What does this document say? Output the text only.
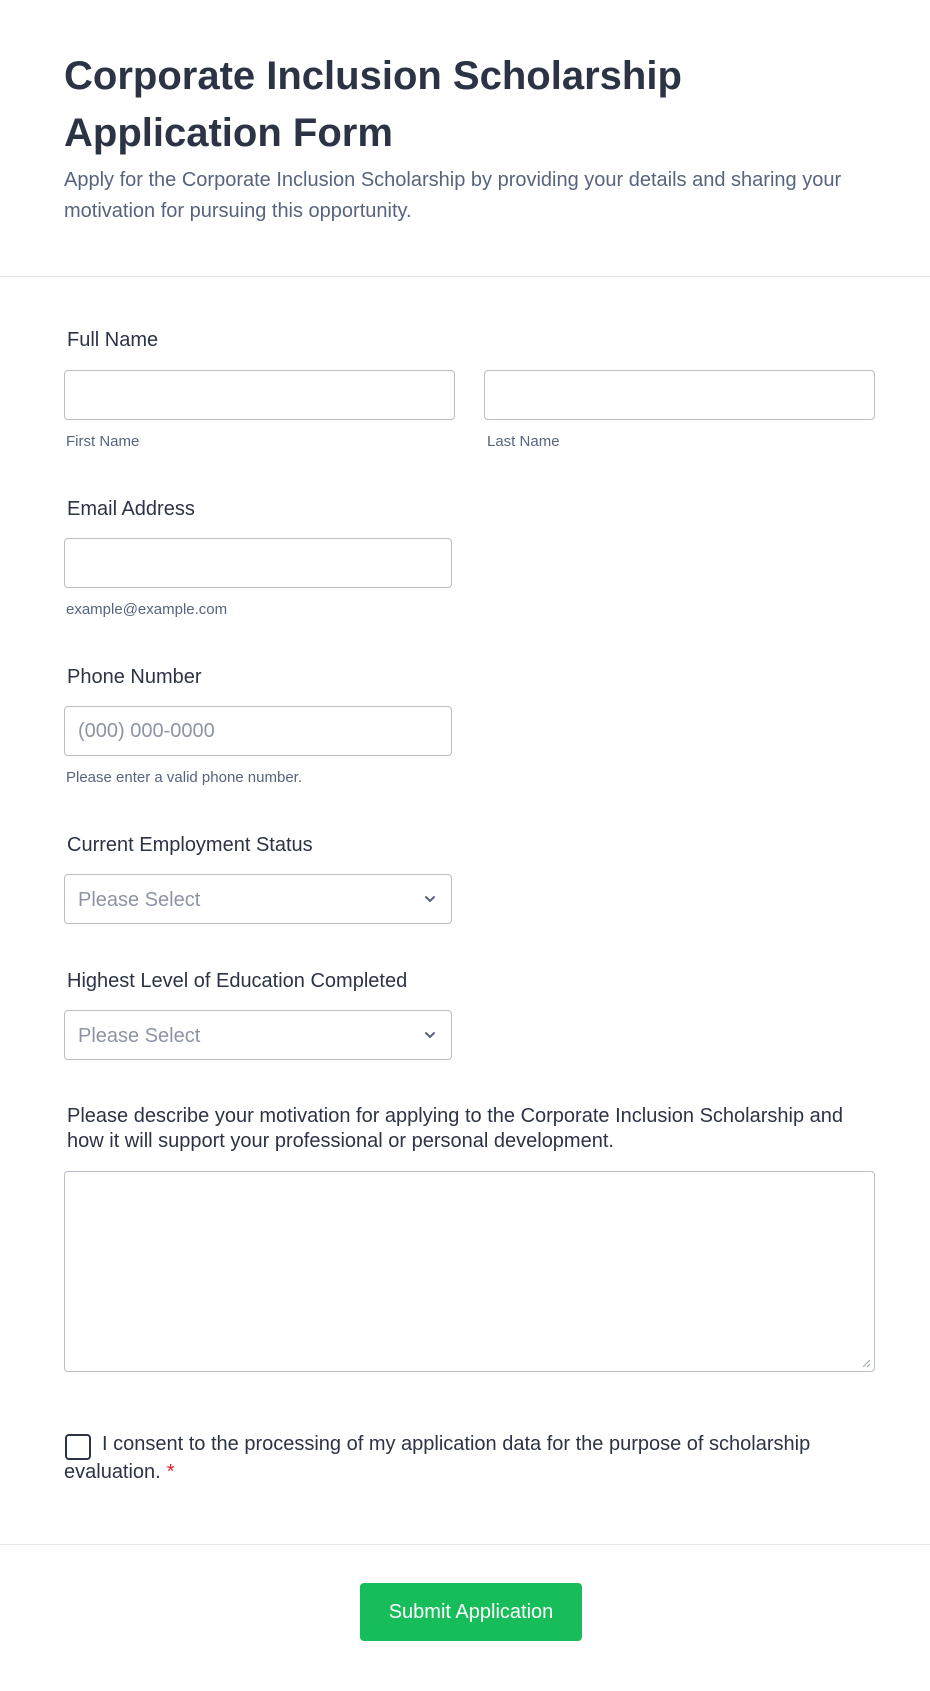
Corporate Inclusion Scholarship Application Form

Apply for the Corporate Inclusion Scholarship by providing your details and sharing your motivation for pursuing this opportunity.

Full Name
First Name	Last Name
Email Address
example@example.com
Phone Number
(000) 000-0000
Please enter a valid phone number.
Current Employment Status
Please Select
Highest Level of Education Completed
Please Select
Please describe your motivation for applying to the Corporate Inclusion Scholarship and how it will support your professional or personal development.
I consent to the processing of my application data for the purpose of scholarship evaluation. *
Submit Application
